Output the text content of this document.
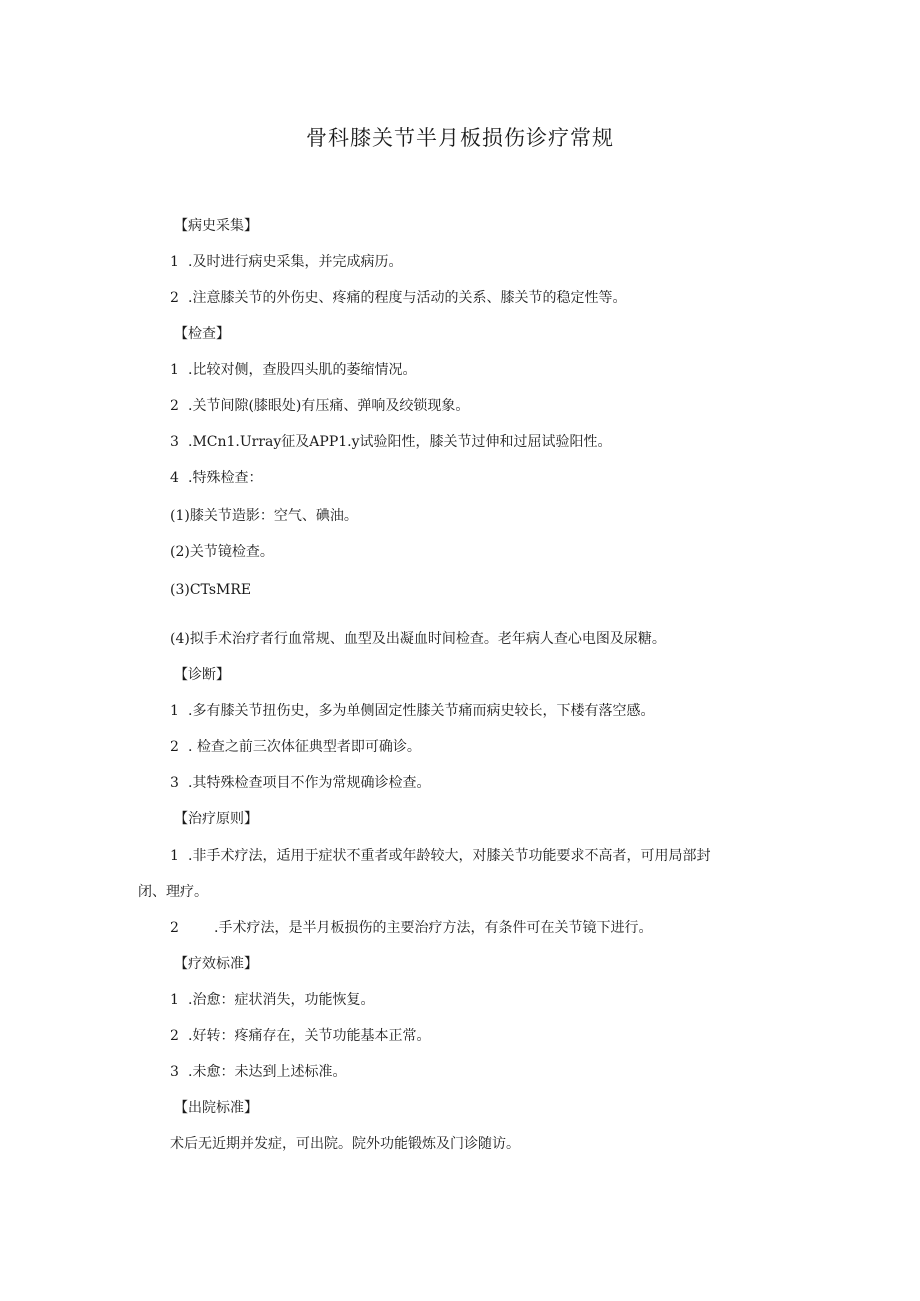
骨科膝关节半月板损伤诊疗常规
【病史采集】
1 .及时进行病史采集，并完成病历。
2 .注意膝关节的外伤史、疼痛的程度与活动的关系、膝关节的稳定性等。
【检查】
1 .比较对侧，查股四头肌的萎缩情况。
2 .关节间隙(膝眼处)有压痛、弹响及绞锁现象。
3 .MCn1.Urray征及APP1.y试验阳性，膝关节过伸和过屈试验阳性。
4 .特殊检查：
(1)膝关节造影：空气、碘油。
(2)关节镜检查。
(3)CTsMRE
(4)拟手术治疗者行血常规、血型及出凝血时间检查。老年病人查心电图及尿糖。
【诊断】
1 .多有膝关节扭伤史，多为单侧固定性膝关节痛而病史较长，下楼有落空感。
2 . 检查之前三次体征典型者即可确诊。
3 .其特殊检查项目不作为常规确诊检查。
【治疗原则】
1 .非手术疗法，适用于症状不重者或年龄较大，对膝关节功能要求不高者，可用局部封
闭、理疗。
2	.手术疗法，是半月板损伤的主要治疗方法，有条件可在关节镜下进行。
【疗效标准】
1 .治愈：症状消失，功能恢复。
2 .好转：疼痛存在，关节功能基本正常。
3 .未愈：未达到上述标准。
【出院标准】
术后无近期并发症，可出院。院外功能锻炼及门诊随访。
